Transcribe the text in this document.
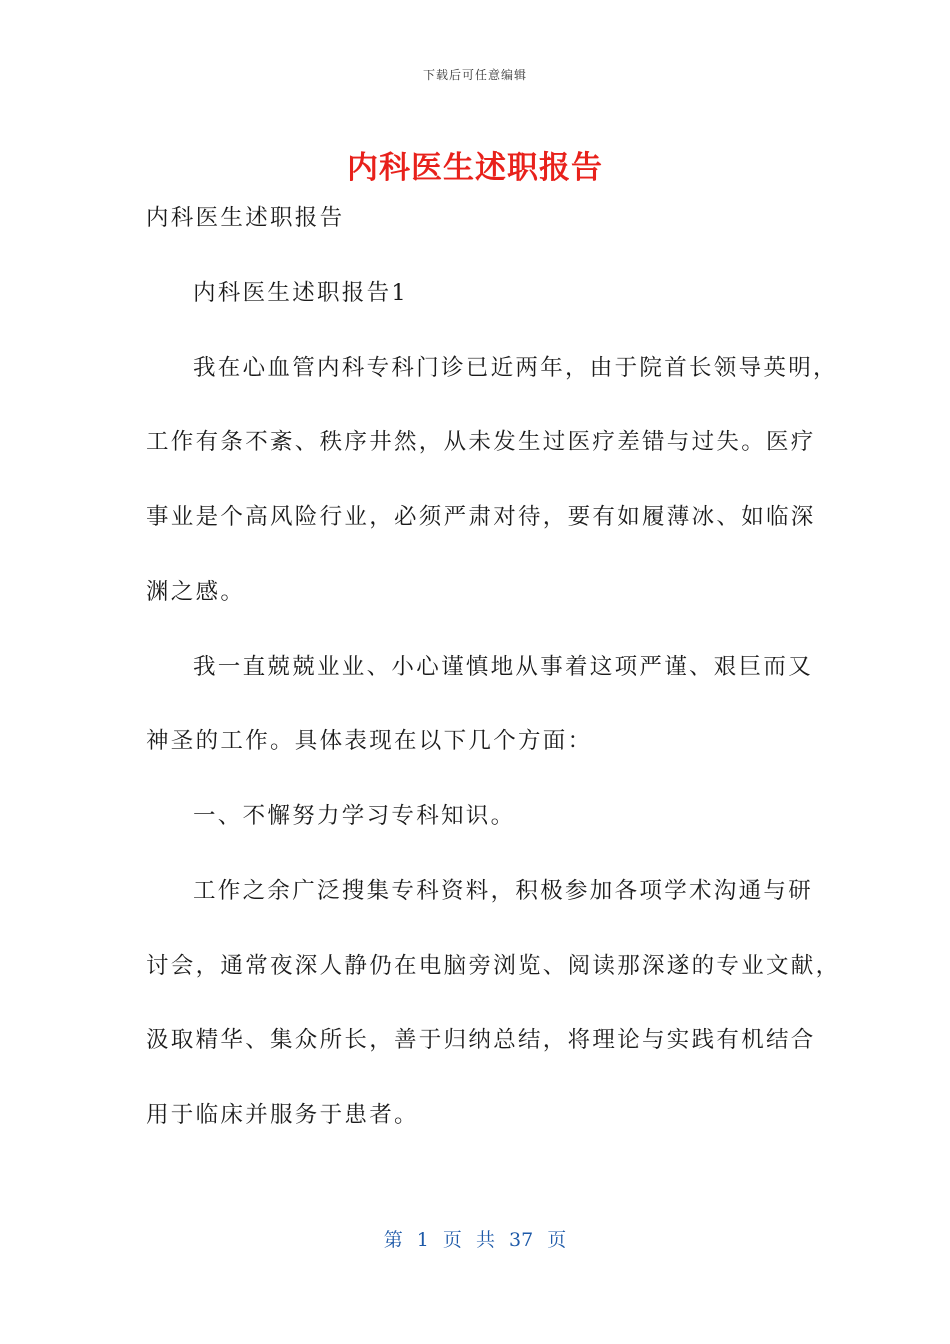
下载后可任意编辑
内科医生述职报告
内科医生述职报告
内科医生述职报告1
我在心血管内科专科门诊已近两年，由于院首长领导英明，
工作有条不紊、秩序井然，从未发生过医疗差错与过失。医疗
事业是个高风险行业，必须严肃对待，要有如履薄冰、如临深
渊之感。
我一直兢兢业业、小心谨慎地从事着这项严谨、艰巨而又
神圣的工作。具体表现在以下几个方面：
一、不懈努力学习专科知识。
工作之余广泛搜集专科资料，积极参加各项学术沟通与研
讨会，通常夜深人静仍在电脑旁浏览、阅读那深遂的专业文献，
汲取精华、集众所长，善于归纳总结，将理论与实践有机结合
用于临床并服务于患者。
第 1 页 共 37 页
